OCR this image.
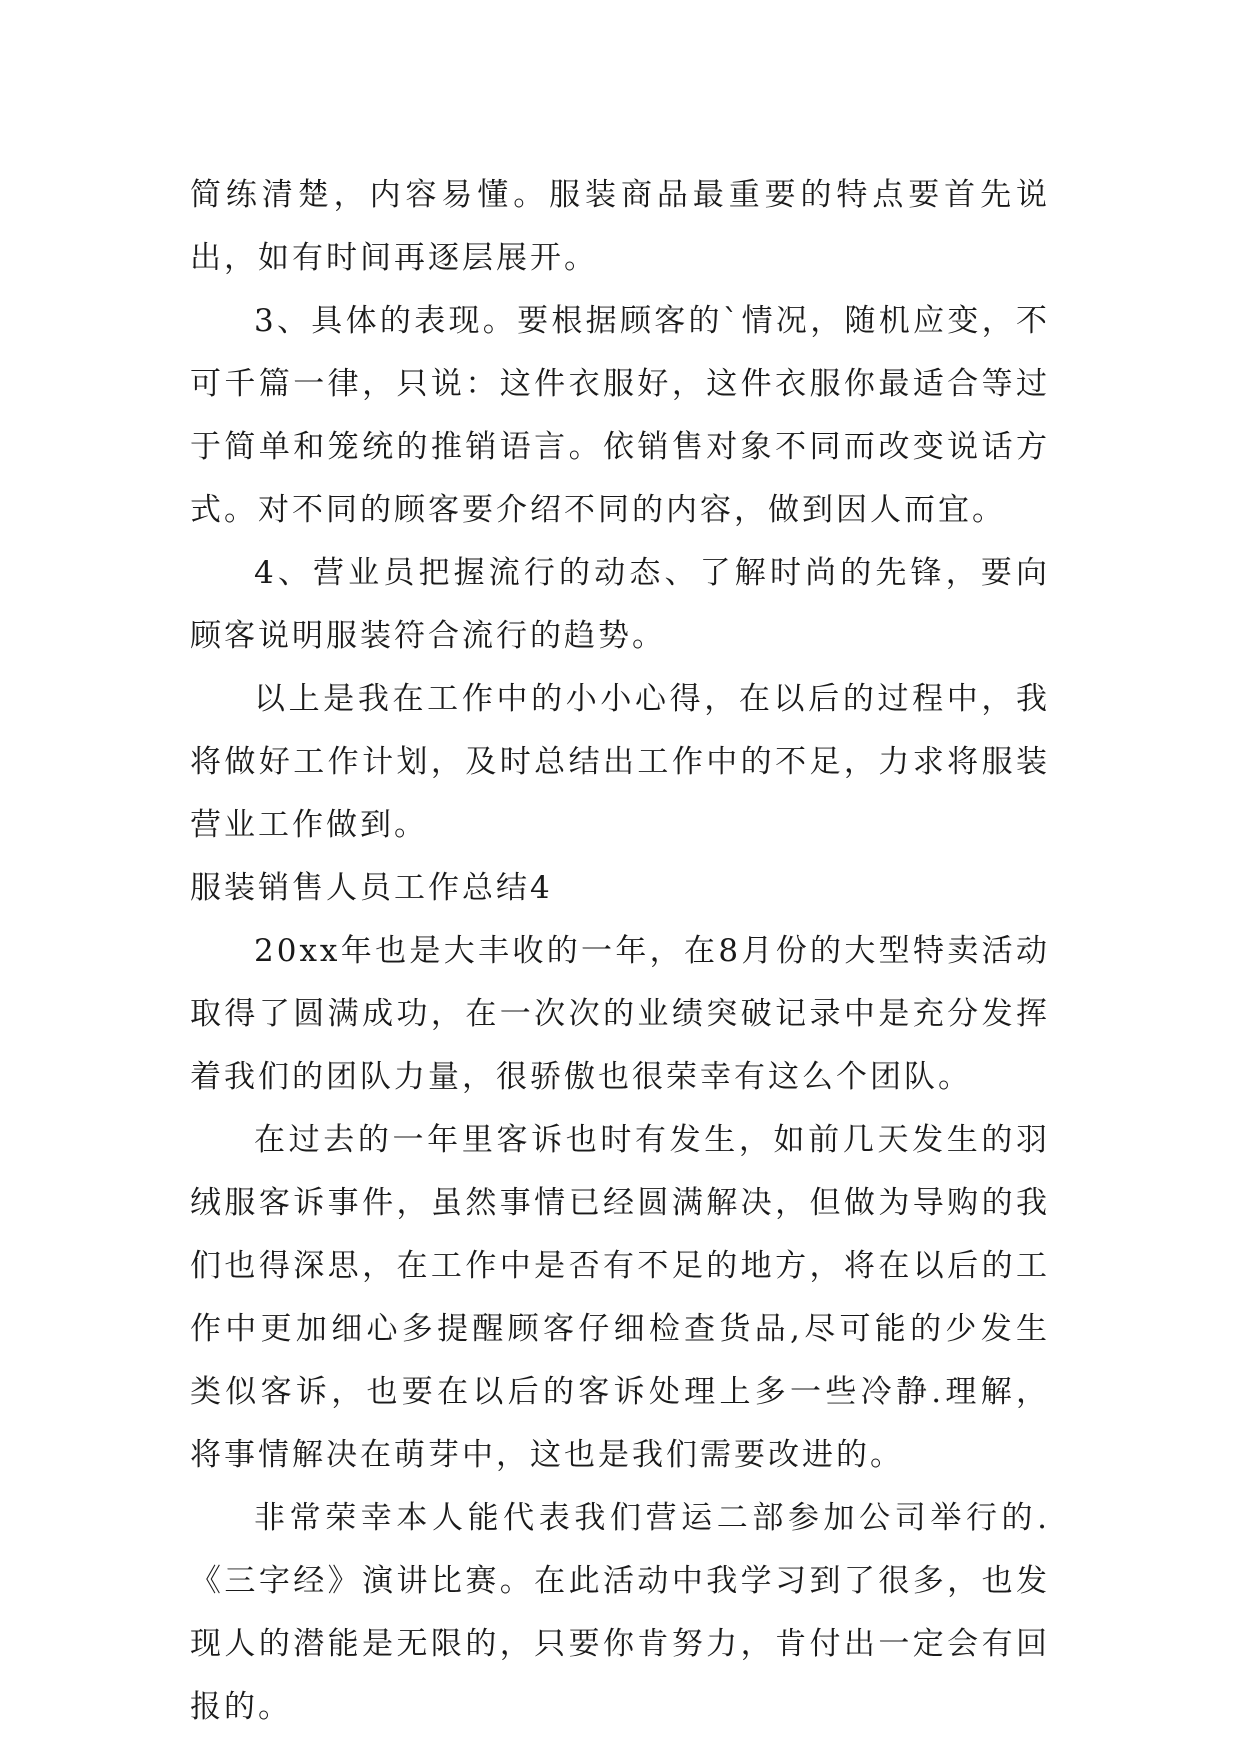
简练清楚，内容易懂。服装商品最重要的特点要首先说出，如有时间再逐层展开。

3、具体的表现。要根据顾客的`情况，随机应变，不可千篇一律，只说：这件衣服好，这件衣服你最适合等过于简单和笼统的推销语言。依销售对象不同而改变说话方式。对不同的顾客要介绍不同的内容，做到因人而宜。

4、营业员把握流行的动态、了解时尚的先锋，要向顾客说明服装符合流行的趋势。

以上是我在工作中的小小心得，在以后的过程中，我将做好工作计划，及时总结出工作中的不足，力求将服装营业工作做到。

服装销售人员工作总结4

20xx年也是大丰收的一年，在8月份的大型特卖活动取得了圆满成功，在一次次的业绩突破记录中是充分发挥着我们的团队力量，很骄傲也很荣幸有这么个团队。

在过去的一年里客诉也时有发生，如前几天发生的羽绒服客诉事件，虽然事情已经圆满解决，但做为导购的我们也得深思，在工作中是否有不足的地方，将在以后的工作中更加细心多提醒顾客仔细检查货品,尽可能的少发生类似客诉，也要在以后的客诉处理上多一些冷静.理解，将事情解决在萌芽中，这也是我们需要改进的。

非常荣幸本人能代表我们营运二部参加公司举行的.《三字经》演讲比赛。在此活动中我学习到了很多，也发现人的潜能是无限的，只要你肯努力，肯付出一定会有回报的。
